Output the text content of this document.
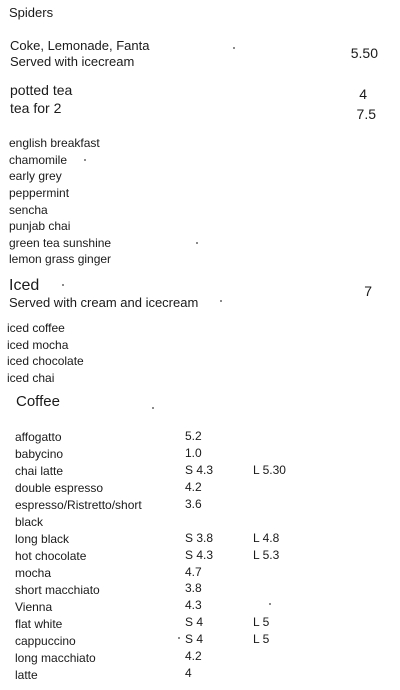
Spiders
Coke, Lemonade, Fanta
Served with icecream
5.50
potted tea	4
tea for 2	7.5
english breakfast
chamomile
early grey
peppermint
sencha
punjab chai
green tea sunshine
lemon grass ginger
Iced	7
Served with cream and icecream
iced coffee
iced mocha
iced chocolate
iced chai
Coffee
affogatto	5.2
babycino	1.0
chai latte	S 4.3	L 5.30
double espresso	4.2
espresso/Ristretto/short	3.6
black
long black	S 3.8	L 4.8
hot chocolate	S 4.3	L 5.3
mocha	4.7
short macchiato	3.8
Vienna	4.3
flat white	S 4	L 5
cappuccino	S 4	L 5
long macchiato	4.2
latte	4
